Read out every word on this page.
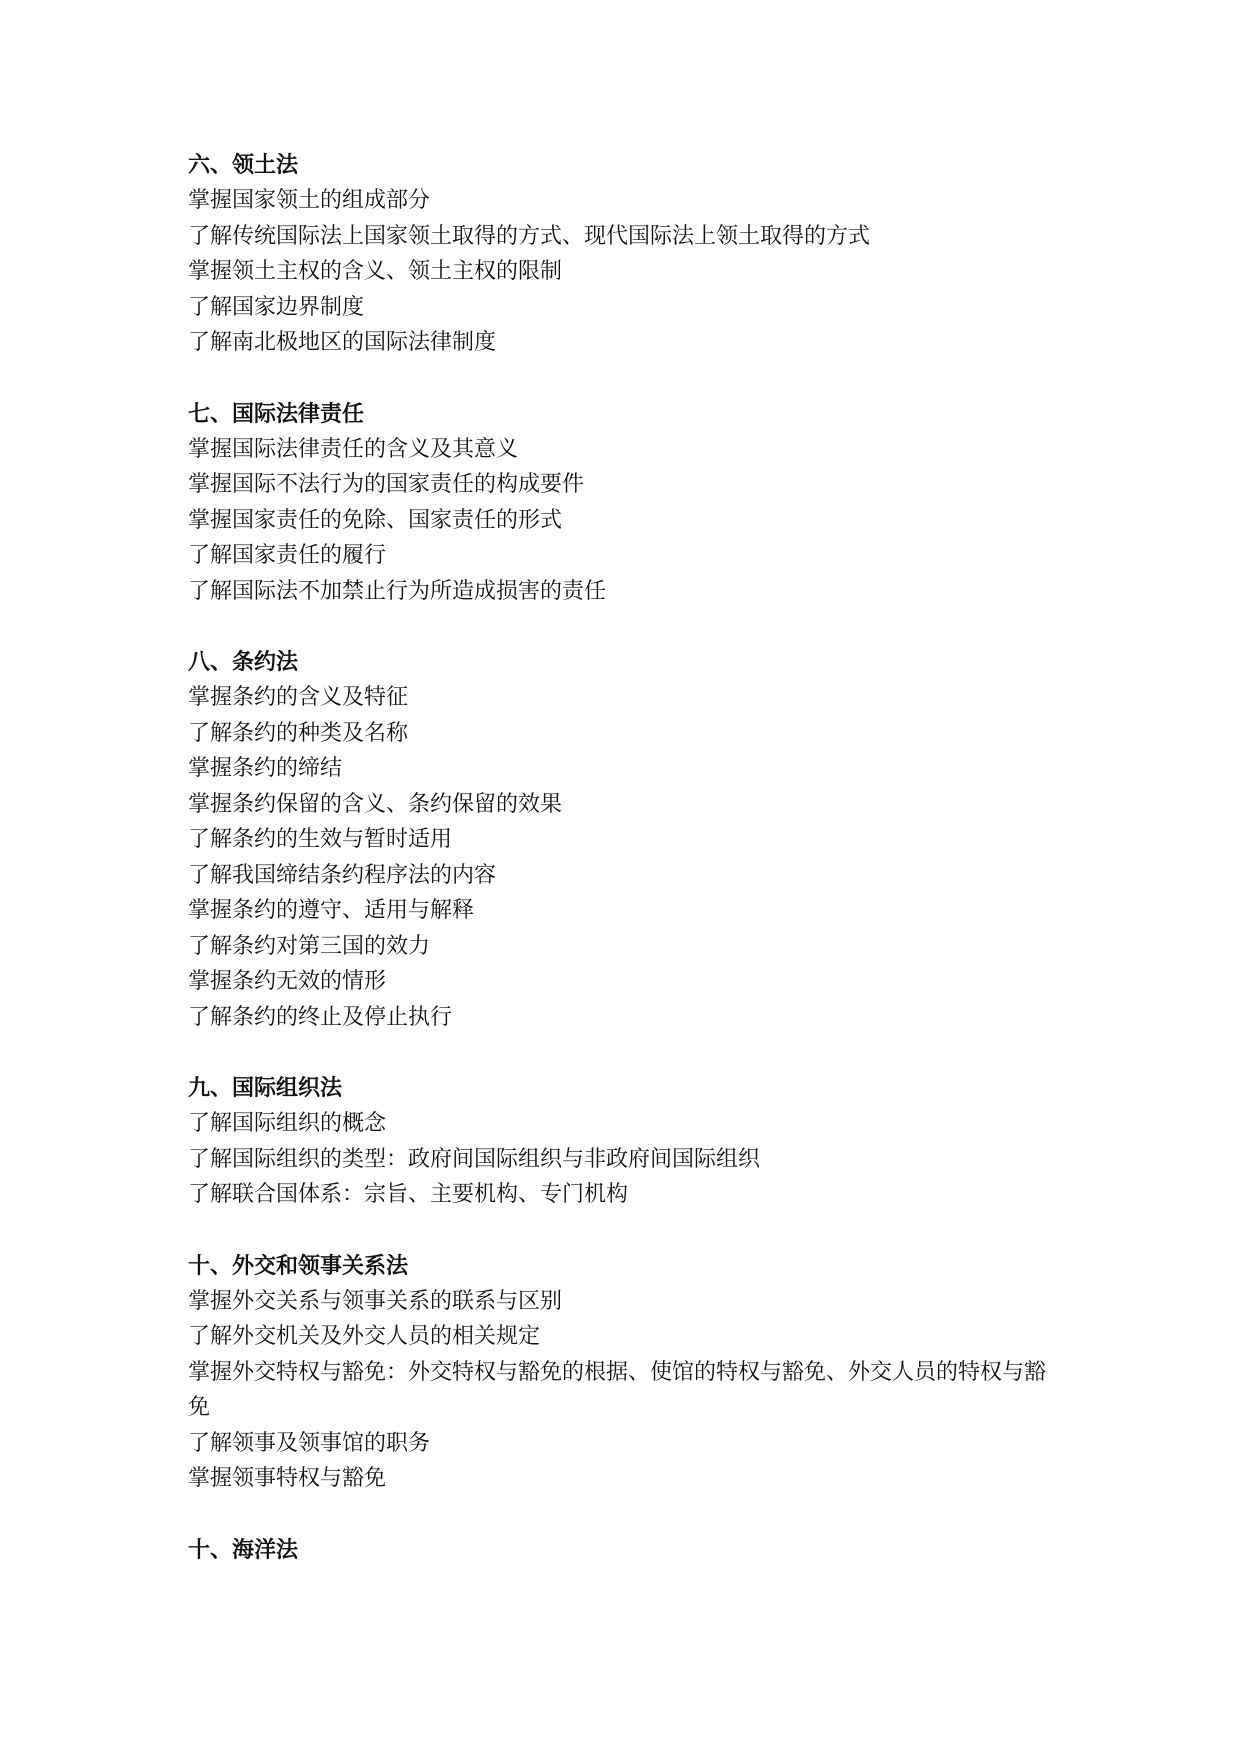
六、领土法
掌握国家领土的组成部分
了解传统国际法上国家领土取得的方式、现代国际法上领土取得的方式
掌握领土主权的含义、领土主权的限制
了解国家边界制度
了解南北极地区的国际法律制度
七、国际法律责任
掌握国际法律责任的含义及其意义
掌握国际不法行为的国家责任的构成要件
掌握国家责任的免除、国家责任的形式
了解国家责任的履行
了解国际法不加禁止行为所造成损害的责任
八、条约法
掌握条约的含义及特征
了解条约的种类及名称
掌握条约的缔结
掌握条约保留的含义、条约保留的效果
了解条约的生效与暂时适用
了解我国缔结条约程序法的内容
掌握条约的遵守、适用与解释
了解条约对第三国的效力
掌握条约无效的情形
了解条约的终止及停止执行
九、国际组织法
了解国际组织的概念
了解国际组织的类型：政府间国际组织与非政府间国际组织
了解联合国体系：宗旨、主要机构、专门机构
十、外交和领事关系法
掌握外交关系与领事关系的联系与区别
了解外交机关及外交人员的相关规定
掌握外交特权与豁免：外交特权与豁免的根据、使馆的特权与豁免、外交人员的特权与豁免
了解领事及领事馆的职务
掌握领事特权与豁免
十、海洋法
